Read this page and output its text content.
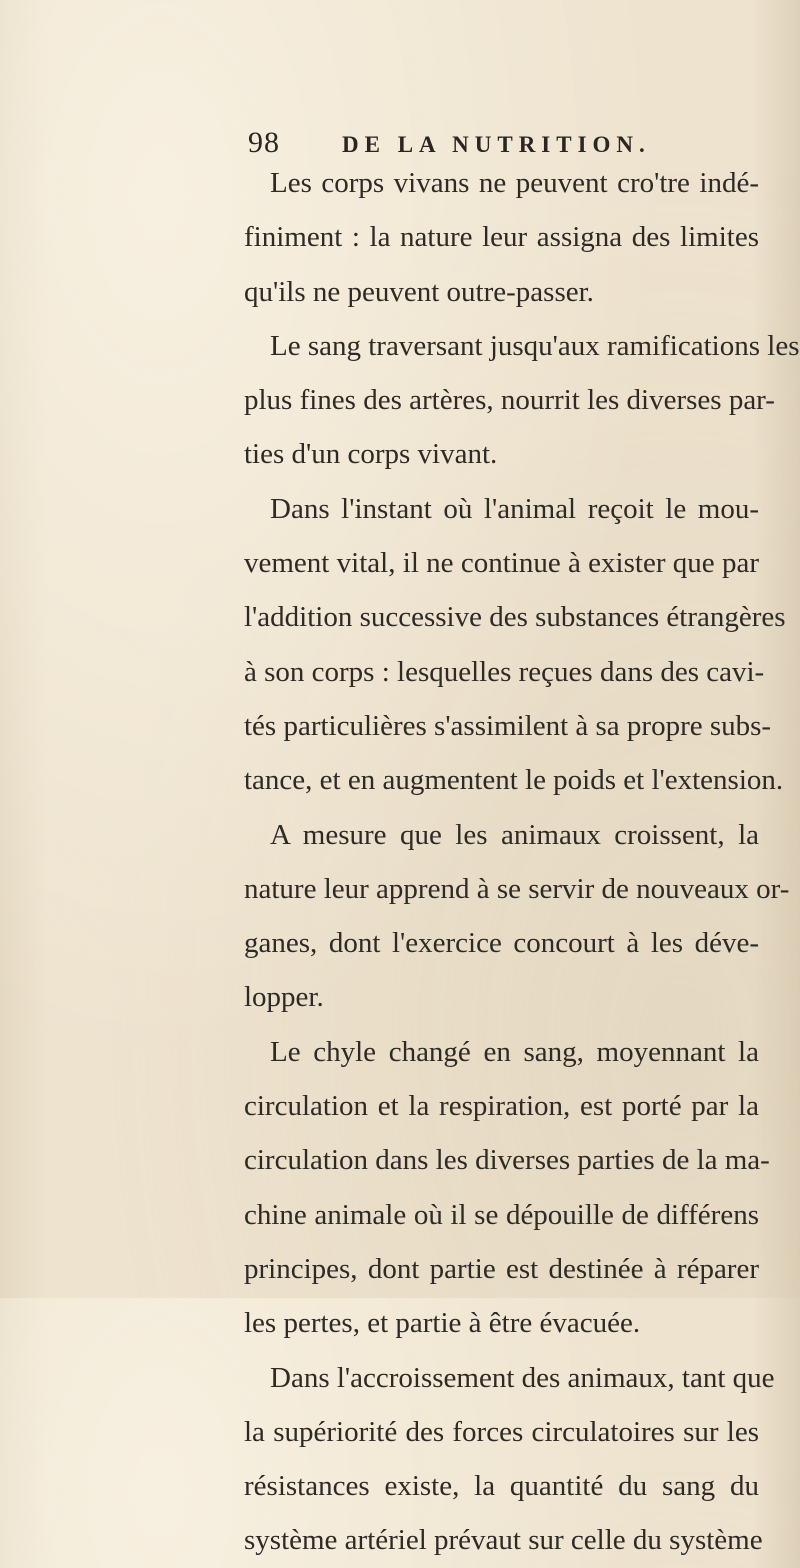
98	DE LA NUTRITION.
Les corps vivans ne peuvent cro'tre indé-
finiment : la nature leur assigna des limites
qu'ils ne peuvent outre-passer.
Le sang traversant jusqu'aux ramifications les
plus fines des artères, nourrit les diverses par-
ties d'un corps vivant.
Dans l'instant où l'animal reçoit le mou-
vement vital, il ne continue à exister que par
l'addition successive des substances étrangères
à son corps : lesquelles reçues dans des cavi-
tés particulières s'assimilent à sa propre subs-
tance, et en augmentent le poids et l'extension.
A mesure que les animaux croissent, la
nature leur apprend à se servir de nouveaux or-
ganes, dont l'exercice concourt à les déve-
lopper.
Le chyle changé en sang, moyennant la
circulation et la respiration, est porté par la
circulation dans les diverses parties de la ma-
chine animale où il se dépouille de différens
principes, dont partie est destinée à réparer
les pertes, et partie à être évacuée.
Dans l'accroissement des animaux, tant que
la supériorité des forces circulatoires sur les
résistances existe, la quantité du sang du
système artériel prévaut sur celle du système
